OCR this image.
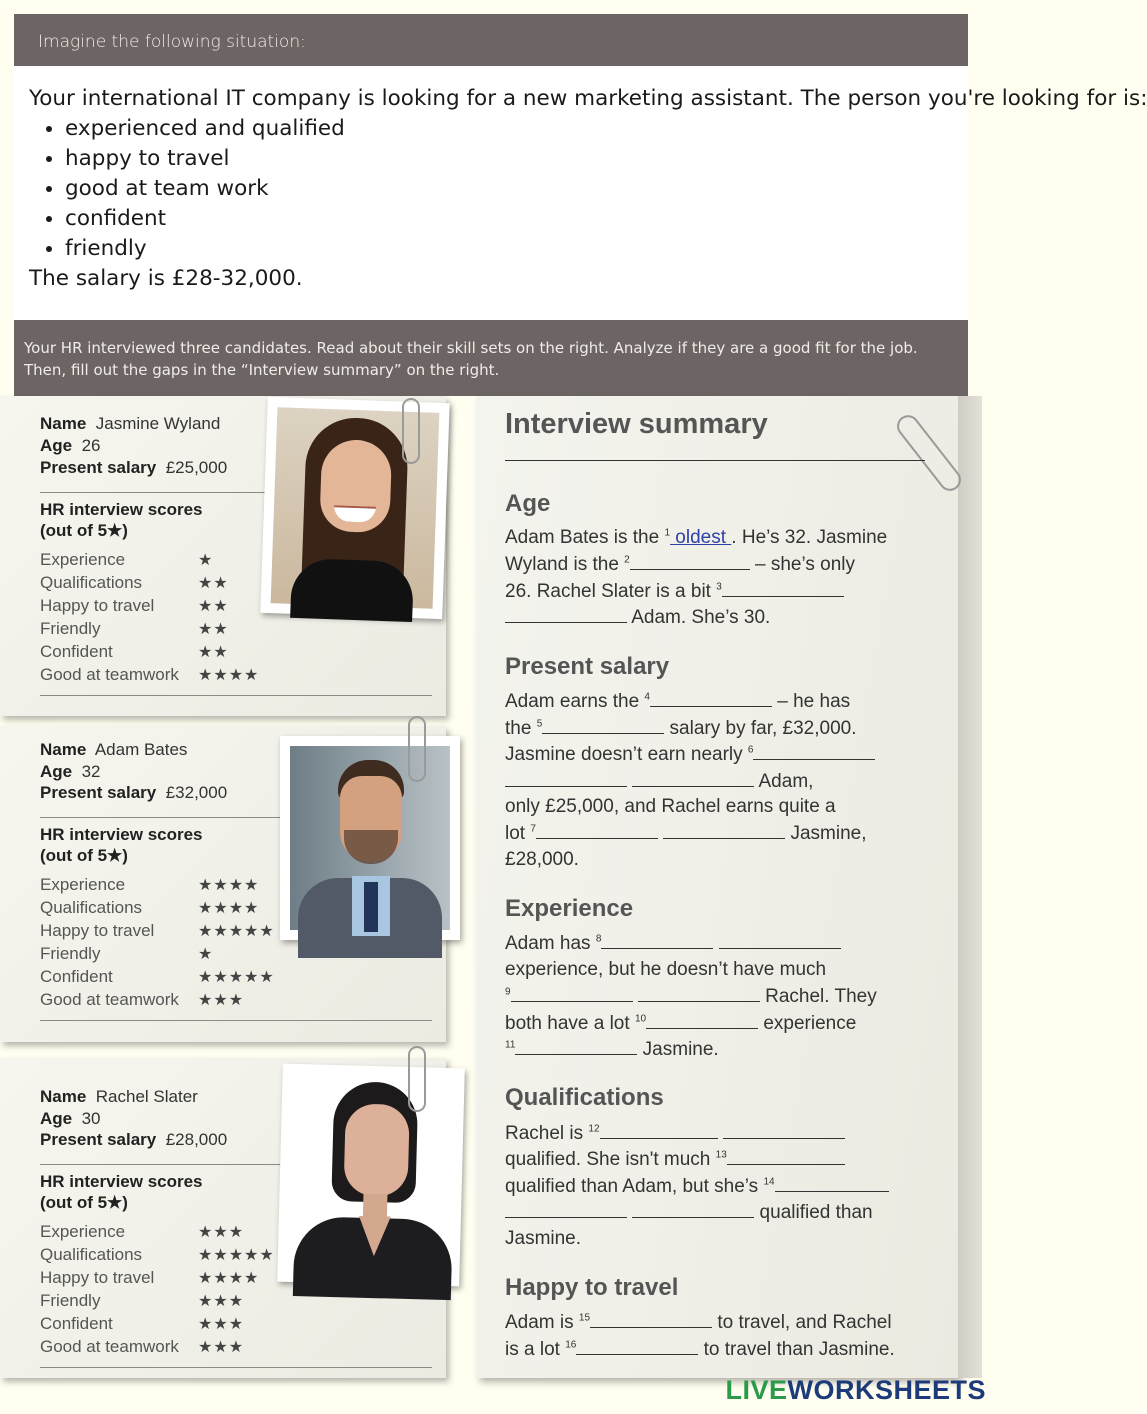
Imagine the following situation:

Your international IT company is looking for a new marketing assistant. The person you're looking for is:

• experienced and qualified
• happy to travel
• good at team work
• confident
• friendly

The salary is £28-32,000.

Your HR interviewed three candidates. Read about their skill sets on the right. Analyze if they are a good fit for the job. Then, fill out the gaps in the “Interview summary” on the right.
Name Jasmine Wyland
Age 26
Present salary £25,000
HR interview scores
(out of 5★)
Experience	★
Qualifications	★★
Happy to travel	★★
Friendly	★★
Confident	★★
Good at teamwork ★★★★
Name Adam Bates
Age 32
Present salary £32,000
HR interview scores
(out of 5★)
Experience	★★★★
Qualifications	★★★★
Happy to travel	★★★★★
Friendly	★
Confident	★★★★★
Good at teamwork ★★★
Name Rachel Slater
Age 30
Present salary £28,000
HR interview scores
(out of 5★)
Experience	★★★
Qualifications	★★★★★
Happy to travel	★★★★
Friendly	★★★
Confident	★★★
Good at teamwork ★★★
Interview summary
Age
Adam Bates is the $^1$ oldest . He’s 32. Jasmine
Wyland is the $^2$	– she’s only
26. Rachel Slater is a bit $^3$
Adam. She’s 30.
Present salary
Adam earns the $^4$	– he has
the $^5$	salary by far, £32,000.
Jasmine doesn’t earn nearly $^6$
Adam,
only £25,000, and Rachel earns quite a
lot $^7$	Jasmine,
£28,000.
Experience
Adam has $^8$
experience, but he doesn’t have much
$^9$	Rachel. They
both have a lot $^{10}$	experience
$^{11}$	Jasmine.
Qualifications
Rachel is $^{12}$
qualified. She isn't much $^{13}$
qualified than Adam, but she’s $^{14}$
qualified than
Jasmine.
Happy to travel
Adam is $^{15}$	to travel, and Rachel
is a lot $^{16}$	to travel than Jasmine.
LIVEWORKSHEETS
